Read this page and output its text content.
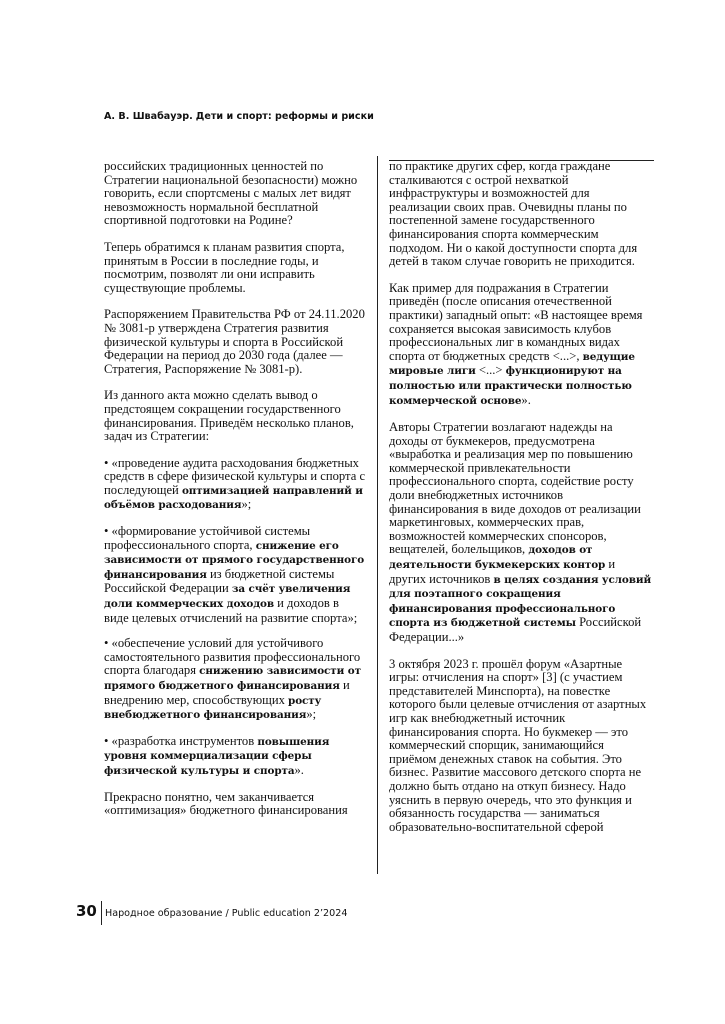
А. В. Швабауэр. Дети и спорт: реформы и риски

российских традиционных ценностей по Стратегии национальной безопасности) можно говорить, если спортсмены с малых лет видят невозможность нормальной бесплатной спортивной подготовки на Родине?

Теперь обратимся к планам развития спорта, принятым в России в последние годы, и посмотрим, позволят ли они исправить существующие проблемы.

Распоряжением Правительства РФ от 24.11.2020 № 3081-р утверждена Стратегия развития физической культуры и спорта в Российской Федерации на период до 2030 года (далее — Стратегия, Распоряжение № 3081-р).

Из данного акта можно сделать вывод о предстоящем сокращении государственного финансирования. Приведём несколько планов, задач из Стратегии:

• «проведение аудита расходования бюджетных средств в сфере физической культуры и спорта с последующей оптимизацией направлений и объёмов расходования»;

• «формирование устойчивой системы профессионального спорта, снижение его зависимости от прямого государственного финансирования из бюджетной системы Российской Федерации за счёт увеличения доли коммерческих доходов и доходов в виде целевых отчислений на развитие спорта»;

• «обеспечение условий для устойчивого самостоятельного развития профессионального спорта благодаря снижению зависимости от прямого бюджетного финансирования и внедрению мер, способствующих росту внебюджетного финансирования»;

• «разработка инструментов повышения уровня коммерциализации сферы физической культуры и спорта».

Прекрасно понятно, чем заканчивается «оптимизация» бюджетного финансирования

по практике других сфер, когда граждане сталкиваются с острой нехваткой инфраструктуры и возможностей для реализации своих прав. Очевидны планы по постепенной замене государственного финансирования спорта коммерческим подходом. Ни о какой доступности спорта для детей в таком случае говорить не приходится.

Как пример для подражания в Стратегии приведён (после описания отечественной практики) западный опыт: «В настоящее время сохраняется высокая зависимость клубов профессиональных лиг в командных видах спорта от бюджетных средств <...>, ведущие мировые лиги <...> функционируют на полностью или практически полностью коммерческой основе».

Авторы Стратегии возлагают надежды на доходы от букмекеров, предусмотрена «выработка и реализация мер по повышению коммерческой привлекательности профессионального спорта, содействие росту доли внебюджетных источников финансирования в виде доходов от реализации маркетинговых, коммерческих прав, возможностей коммерческих спонсоров, вещателей, болельщиков, доходов от деятельности букмекерских контор и других источников в целях создания условий для поэтапного сокращения финансирования профессионального спорта из бюджетной системы Российской Федерации...»

3 октября 2023 г. прошёл форум «Азартные игры: отчисления на спорт» [3] (с участием представителей Минспорта), на повестке которого были целевые отчисления от азартных игр как внебюджетный источник финансирования спорта. Но букмекер — это коммерческий спорщик, занимающийся приёмом денежных ставок на события. Это бизнес. Развитие массового детского спорта не должно быть отдано на откуп бизнесу. Надо уяснить в первую очередь, что это функция и обязанность государства — заниматься образовательно-воспитательной сферой

30 Народное образование / Public education 2’2024
